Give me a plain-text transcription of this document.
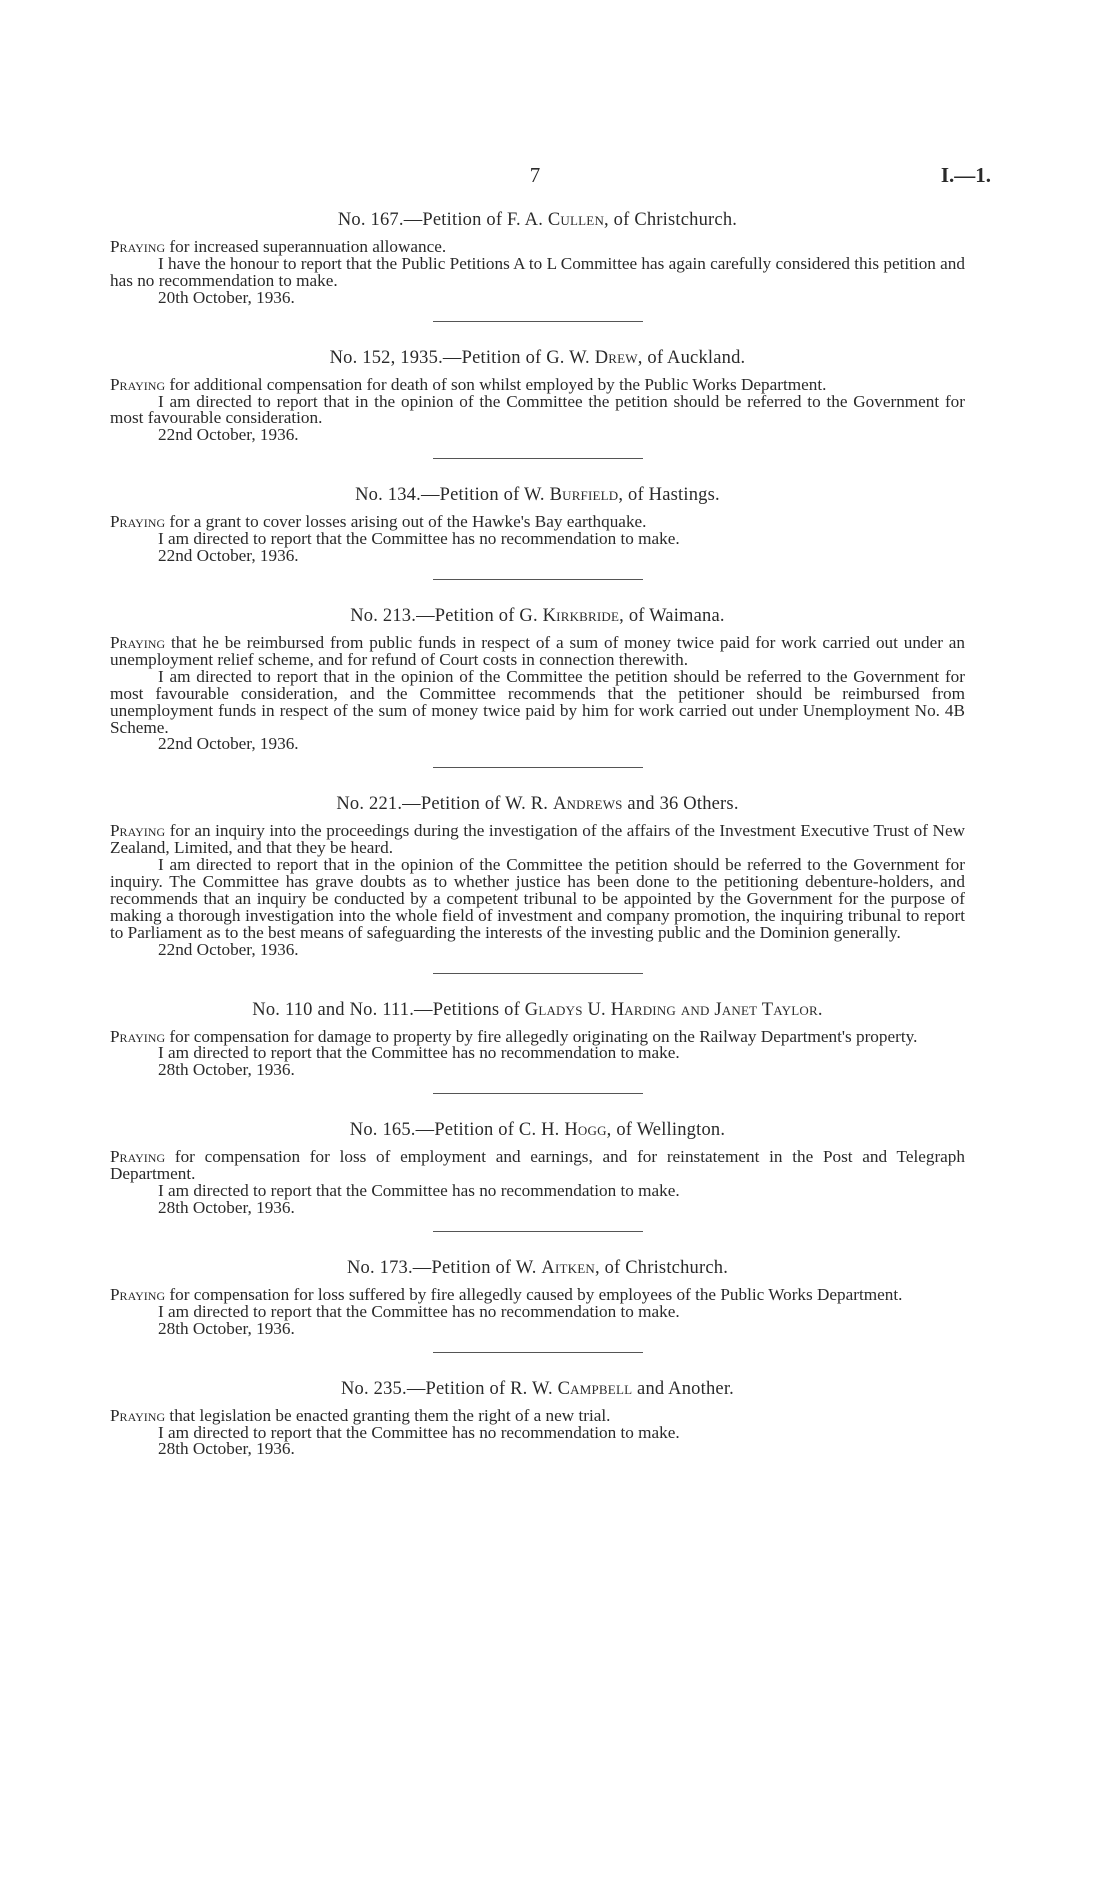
7	I.—1.
No. 167.—Petition of F. A. Cullen, of Christchurch.

Praying for increased superannuation allowance.

I have the honour to report that the Public Petitions A to L Committee has again carefully considered this petition and has no recommendation to make.

20th October, 1936.

No. 152, 1935.—Petition of G. W. Drew, of Auckland.

Praying for additional compensation for death of son whilst employed by the Public Works Department.

I am directed to report that in the opinion of the Committee the petition should be referred to the Government for most favourable consideration.

22nd October, 1936.

No. 134.—Petition of W. Burfield, of Hastings.

Praying for a grant to cover losses arising out of the Hawke's Bay earthquake.

I am directed to report that the Committee has no recommendation to make.

22nd October, 1936.

No. 213.—Petition of G. Kirkbride, of Waimana.

Praying that he be reimbursed from public funds in respect of a sum of money twice paid for work carried out under an unemployment relief scheme, and for refund of Court costs in connection therewith.

I am directed to report that in the opinion of the Committee the petition should be referred to the Government for most favourable consideration, and the Committee recommends that the petitioner should be reimbursed from unemployment funds in respect of the sum of money twice paid by him for work carried out under Unemployment No. 4B Scheme.

22nd October, 1936.

No. 221.—Petition of W. R. Andrews and 36 Others.

Praying for an inquiry into the proceedings during the investigation of the affairs of the Investment Executive Trust of New Zealand, Limited, and that they be heard.

I am directed to report that in the opinion of the Committee the petition should be referred to the Government for inquiry. The Committee has grave doubts as to whether justice has been done to the petitioning debenture-holders, and recommends that an inquiry be conducted by a competent tribunal to be appointed by the Government for the purpose of making a thorough investigation into the whole field of investment and company promotion, the inquiring tribunal to report to Parliament as to the best means of safeguarding the interests of the investing public and the Dominion generally.

22nd October, 1936.

No. 110 and No. 111.—Petitions of Gladys U. Harding and Janet Taylor.

Praying for compensation for damage to property by fire allegedly originating on the Railway Department's property.

I am directed to report that the Committee has no recommendation to make.

28th October, 1936.

No. 165.—Petition of C. H. Hogg, of Wellington.

Praying for compensation for loss of employment and earnings, and for reinstatement in the Post and Telegraph Department.

I am directed to report that the Committee has no recommendation to make.

28th October, 1936.

No. 173.—Petition of W. Aitken, of Christchurch.

Praying for compensation for loss suffered by fire allegedly caused by employees of the Public Works Department.

I am directed to report that the Committee has no recommendation to make.

28th October, 1936.

No. 235.—Petition of R. W. Campbell and Another.

Praying that legislation be enacted granting them the right of a new trial.

I am directed to report that the Committee has no recommendation to make.

28th October, 1936.
